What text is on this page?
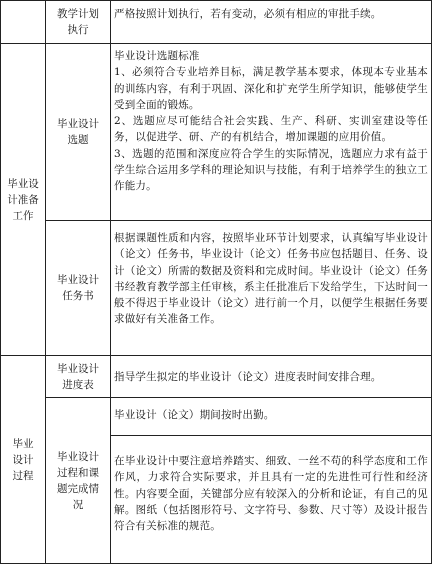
毕业设
计准备
工作
毕业
设计
过程
教学计划
执行

严格按照计划执行，若有变动，必须有相应的审批手续。

毕业设计
选题

毕业设计选题标准

1、必须符合专业培养目标，满足教学基本要求，体现本专业基本的训练内容，有利于巩固、深化和扩充学生所学知识，能够使学生受到全面的锻炼。

2、选题应尽可能结合社会实践、生产、科研、实训室建设等任务，以促进学、研、产的有机结合，增加课题的应用价值。

3、选题的范围和深度应符合学生的实际情况，选题应力求有益于学生综合运用多学科的理论知识与技能，有利于培养学生的独立工作能力。

毕业设计
任务书

根据课题性质和内容，按照毕业环节计划要求，认真编写毕业设计（论文）任务书，毕业设计（论文）任务书应包括题目、任务、设计（论文）所需的数据及资料和完成时间。毕业设计（论文）任务书经教育教学部主任审核，系主任批准后下发给学生，下达时间一般不得迟于毕业设计（论文）进行前一个月，以便学生根据任务要求做好有关准备工作。

毕业设计
进度表

指导学生拟定的毕业设计（论文）进度表时间安排合理。

毕业设计
过程和课
题完成情
况

毕业设计（论文）期间按时出勤。

在毕业设计中要注意培养踏实、细致、一丝不苟的科学态度和工作作风，力求符合实际要求，并且具有一定的先进性可行性和经济性。内容要全面，关键部分应有较深入的分析和论证，有自己的见解。图纸（包括图形符号、文字符号、参数、尺寸等）及设计报告符合有关标准的规范。
